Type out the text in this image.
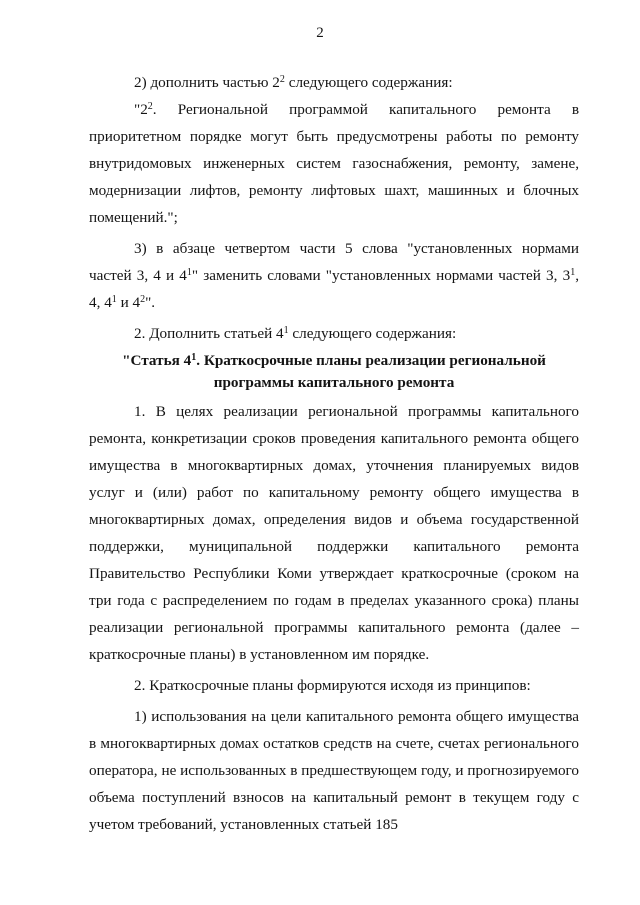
2

2) дополнить частью $2^2$ следующего содержания:

"$2^2$. Региональной программой капитального ремонта в приоритетном порядке могут быть предусмотрены работы по ремонту внутридомовых инженерных систем газоснабжения, ремонту, замене, модернизации лифтов, ремонту лифтовых шахт, машинных и блочных помещений.";

3) в абзаце четвертом части 5 слова "установленных нормами частей 3, 4 и $4^1$" заменить словами "установленных нормами частей 3, $3^1$, 4, $4^1$ и $4^2$".

2. Дополнить статьей $4^1$ следующего содержания:

"Статья $4^1$. Краткосрочные планы реализации региональной
программы капитального ремонта

1. В целях реализации региональной программы капитального ремонта, конкретизации сроков проведения капитального ремонта общего имущества в многоквартирных домах, уточнения планируемых видов услуг и (или) работ по капитальному ремонту общего имущества в многоквартирных домах, определения видов и объема государственной поддержки, муниципальной поддержки капитального ремонта Правительство Республики Коми утверждает краткосрочные (сроком на три года с распределением по годам в пределах указанного срока) планы реализации региональной программы капитального ремонта (далее – краткосрочные планы) в установленном им порядке.

2. Краткосрочные планы формируются исходя из принципов:

1) использования на цели капитального ремонта общего имущества в многоквартирных домах остатков средств на счете, счетах регионального оператора, не использованных в предшествующем году, и прогнозируемого объема поступлений взносов на капитальный ремонт в текущем году с учетом требований, установленных статьей 185
